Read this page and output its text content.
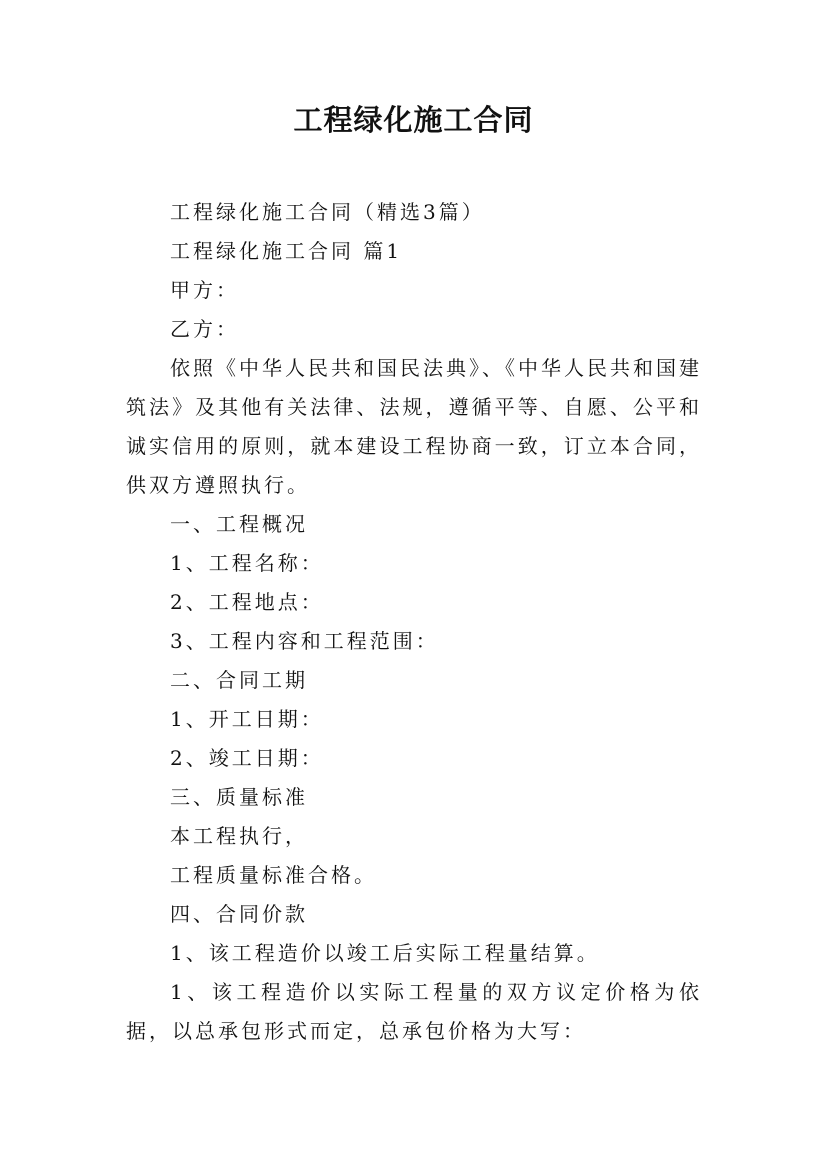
工程绿化施工合同

工程绿化施工合同（精选3篇）

工程绿化施工合同 篇1

甲方：

乙方：

依照《中华人民共和国民法典》、《中华人民共和国建筑法》及其他有关法律、法规，遵循平等、自愿、公平和诚实信用的原则，就本建设工程协商一致，订立本合同，供双方遵照执行。

一、工程概况

1、工程名称：

2、工程地点：

3、工程内容和工程范围：

二、合同工期

1、开工日期：

2、竣工日期：

三、质量标准

本工程执行，

工程质量标准合格。

四、合同价款

1、该工程造价以竣工后实际工程量结算。

1、该工程造价以实际工程量的双方议定价格为依据，以总承包形式而定，总承包价格为大写：
